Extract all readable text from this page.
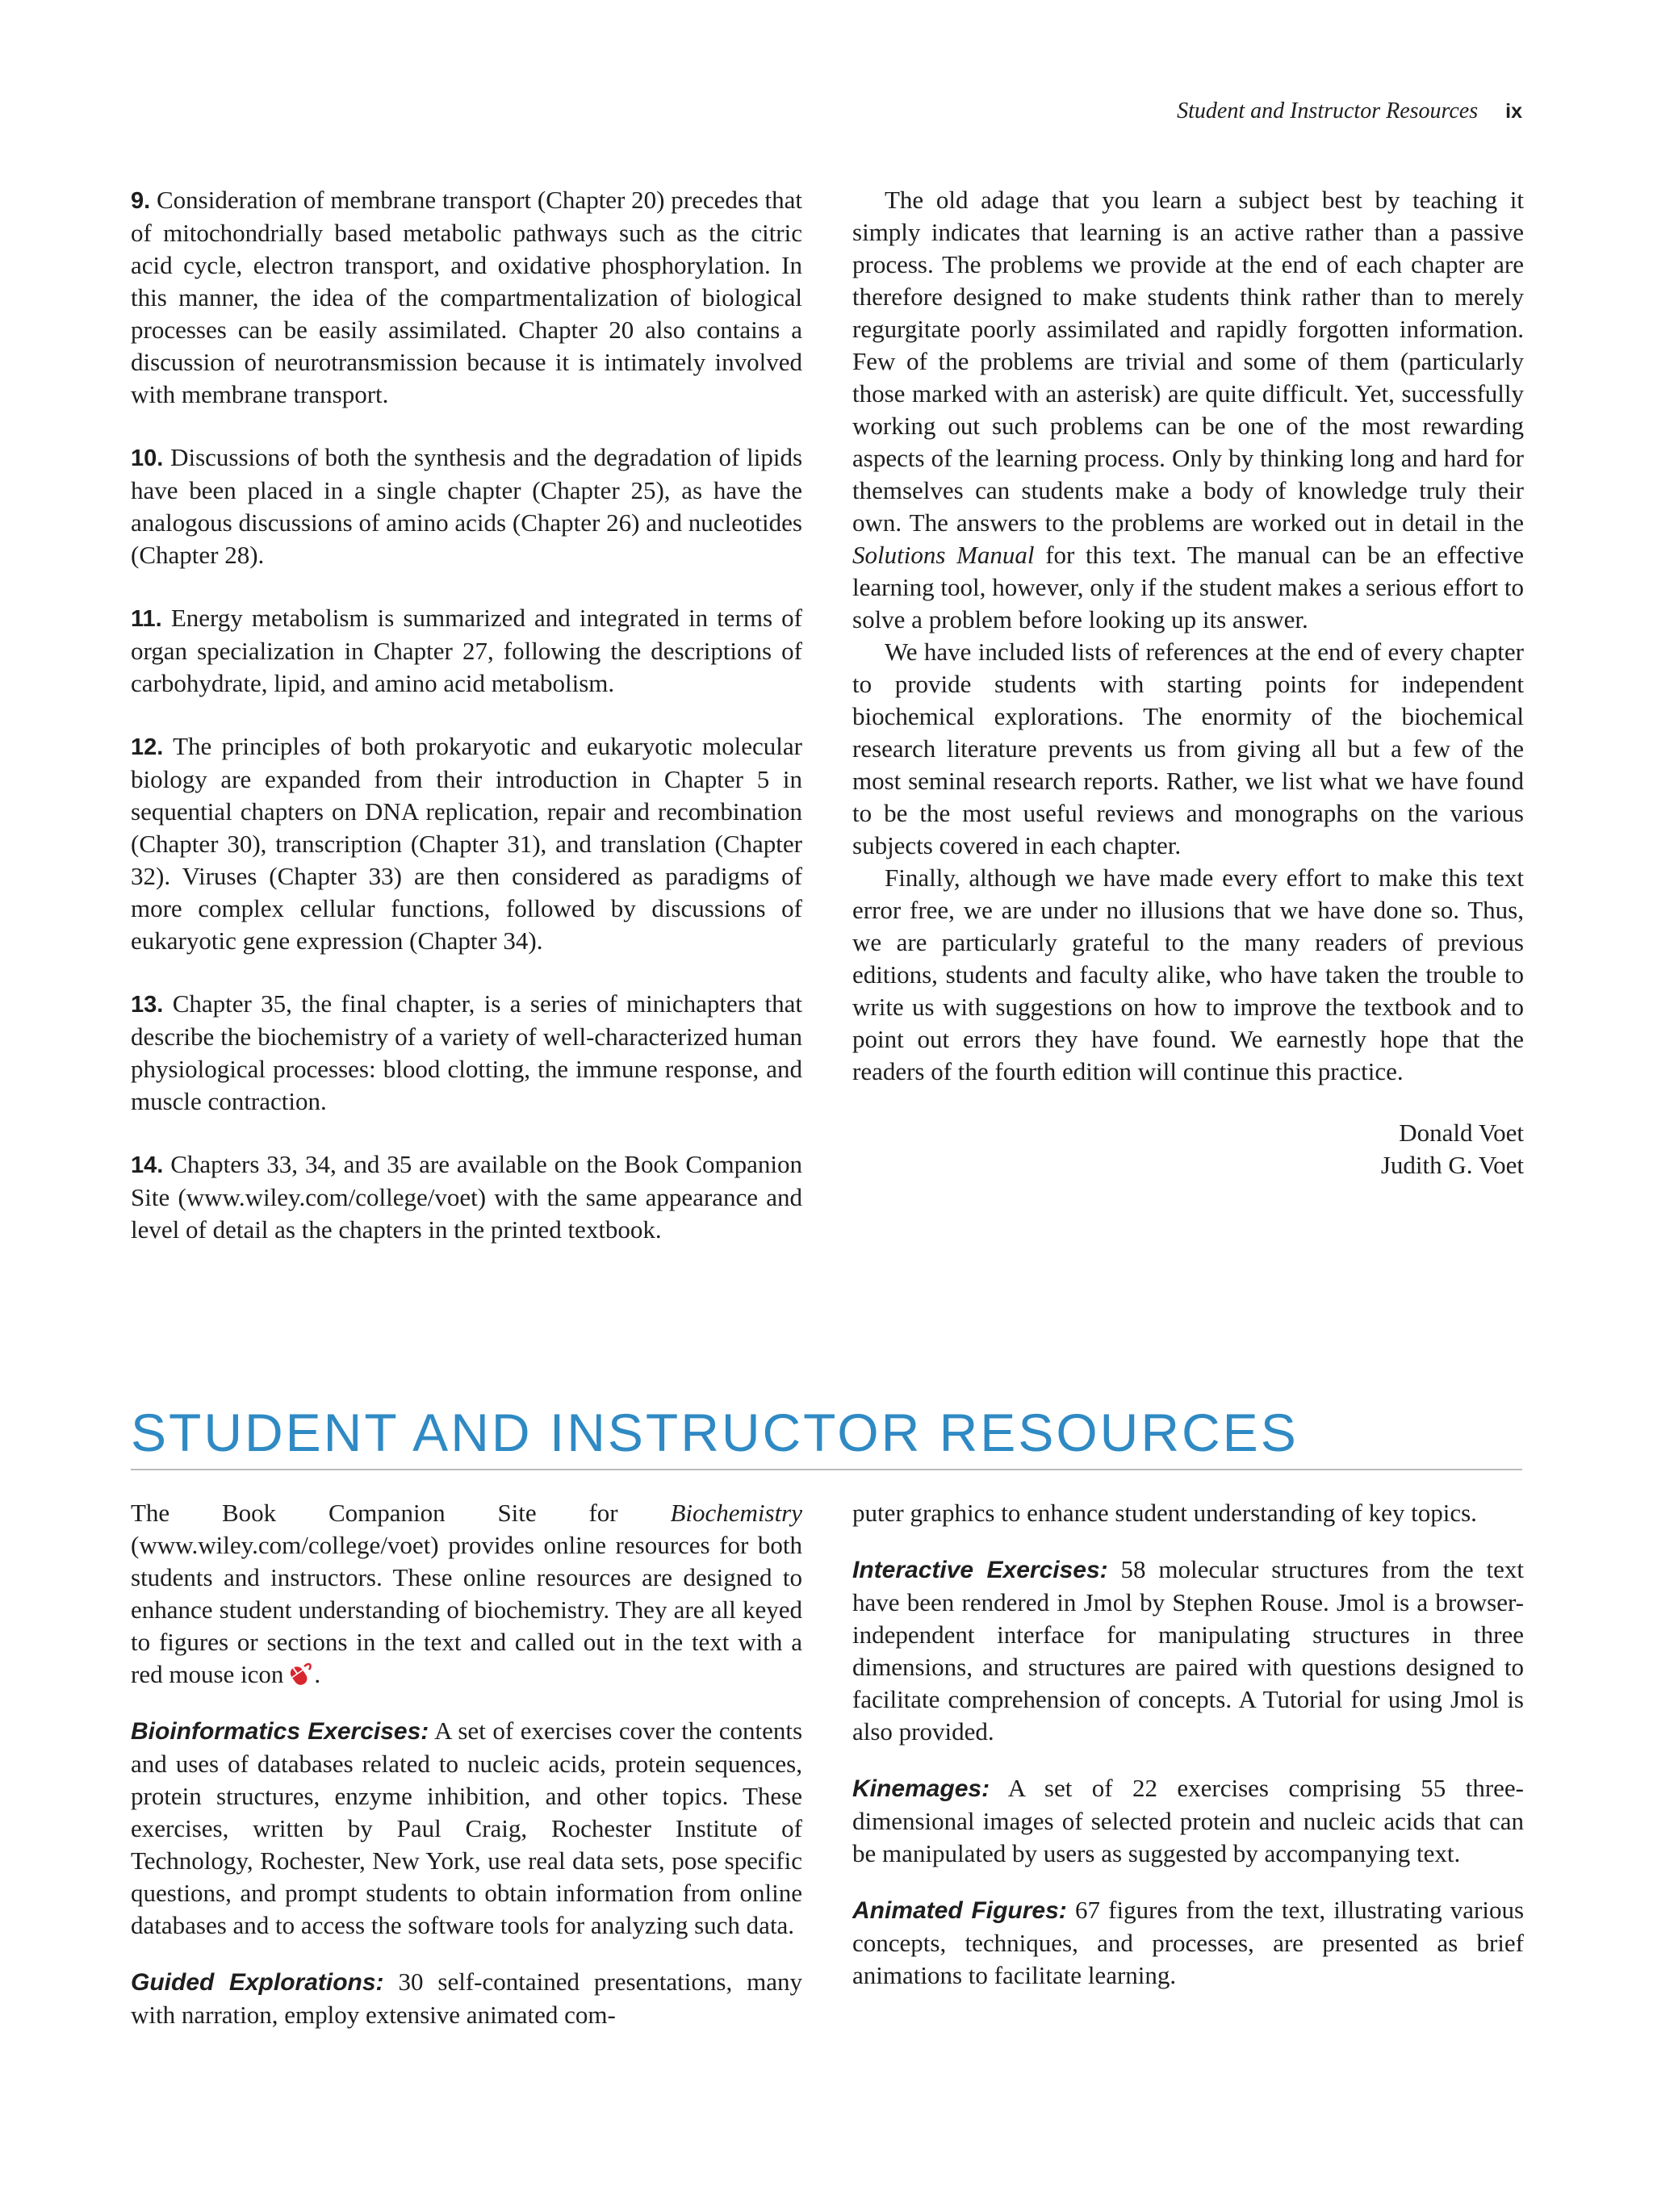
Student and Instructor Resources ix

9. Consideration of membrane transport (Chapter 20) precedes that of mitochondrially based metabolic pathways such as the citric acid cycle, electron transport, and oxidative phosphorylation. In this manner, the idea of the compartmentalization of biological processes can be easily assimilated. Chapter 20 also contains a discussion of neurotransmission because it is intimately involved with membrane transport.

10. Discussions of both the synthesis and the degradation of lipids have been placed in a single chapter (Chapter 25), as have the analogous discussions of amino acids (Chapter 26) and nucleotides (Chapter 28).

11. Energy metabolism is summarized and integrated in terms of organ specialization in Chapter 27, following the descriptions of carbohydrate, lipid, and amino acid metabolism.

12. The principles of both prokaryotic and eukaryotic molecular biology are expanded from their introduction in Chapter 5 in sequential chapters on DNA replication, repair and recombination (Chapter 30), transcription (Chapter 31), and translation (Chapter 32). Viruses (Chapter 33) are then considered as paradigms of more complex cellular functions, followed by discussions of eukaryotic gene expression (Chapter 34).

13. Chapter 35, the final chapter, is a series of minichapters that describe the biochemistry of a variety of well-characterized human physiological processes: blood clotting, the immune response, and muscle contraction.

14. Chapters 33, 34, and 35 are available on the Book Companion Site (www.wiley.com/college/voet) with the same appearance and level of detail as the chapters in the printed textbook.

The old adage that you learn a subject best by teaching it simply indicates that learning is an active rather than a passive process. The problems we provide at the end of each chapter are therefore designed to make students think rather than to merely regurgitate poorly assimilated and rapidly forgotten information. Few of the problems are trivial and some of them (particularly those marked with an asterisk) are quite difficult. Yet, successfully working out such problems can be one of the most rewarding aspects of the learning process. Only by thinking long and hard for themselves can students make a body of knowledge truly their own. The answers to the problems are worked out in detail in the Solutions Manual for this text. The manual can be an effective learning tool, however, only if the student makes a serious effort to solve a problem before looking up its answer.

We have included lists of references at the end of every chapter to provide students with starting points for independent biochemical explorations. The enormity of the biochemical research literature prevents us from giving all but a few of the most seminal research reports. Rather, we list what we have found to be the most useful reviews and monographs on the various subjects covered in each chapter.

Finally, although we have made every effort to make this text error free, we are under no illusions that we have done so. Thus, we are particularly grateful to the many readers of previous editions, students and faculty alike, who have taken the trouble to write us with suggestions on how to improve the textbook and to point out errors they have found. We earnestly hope that the readers of the fourth edition will continue this practice.

Donald Voet
Judith G. Voet

STUDENT AND INSTRUCTOR RESOURCES

The Book Companion Site for Biochemistry (www.wiley.com/college/voet) provides online resources for both students and instructors. These online resources are designed to enhance student understanding of biochemistry. They are all keyed to figures or sections in the text and called out in the text with a red mouse icon .

Bioinformatics Exercises: A set of exercises cover the contents and uses of databases related to nucleic acids, protein sequences, protein structures, enzyme inhibition, and other topics. These exercises, written by Paul Craig, Rochester Institute of Technology, Rochester, New York, use real data sets, pose specific questions, and prompt students to obtain information from online databases and to access the software tools for analyzing such data.

Guided Explorations: 30 self-contained presentations, many with narration, employ extensive animated com-

puter graphics to enhance student understanding of key topics.

Interactive Exercises: 58 molecular structures from the text have been rendered in Jmol by Stephen Rouse. Jmol is a browser-independent interface for manipulating structures in three dimensions, and structures are paired with questions designed to facilitate comprehension of concepts. A Tutorial for using Jmol is also provided.

Kinemages: A set of 22 exercises comprising 55 three-dimensional images of selected protein and nucleic acids that can be manipulated by users as suggested by accompanying text.

Animated Figures: 67 figures from the text, illustrating various concepts, techniques, and processes, are presented as brief animations to facilitate learning.
